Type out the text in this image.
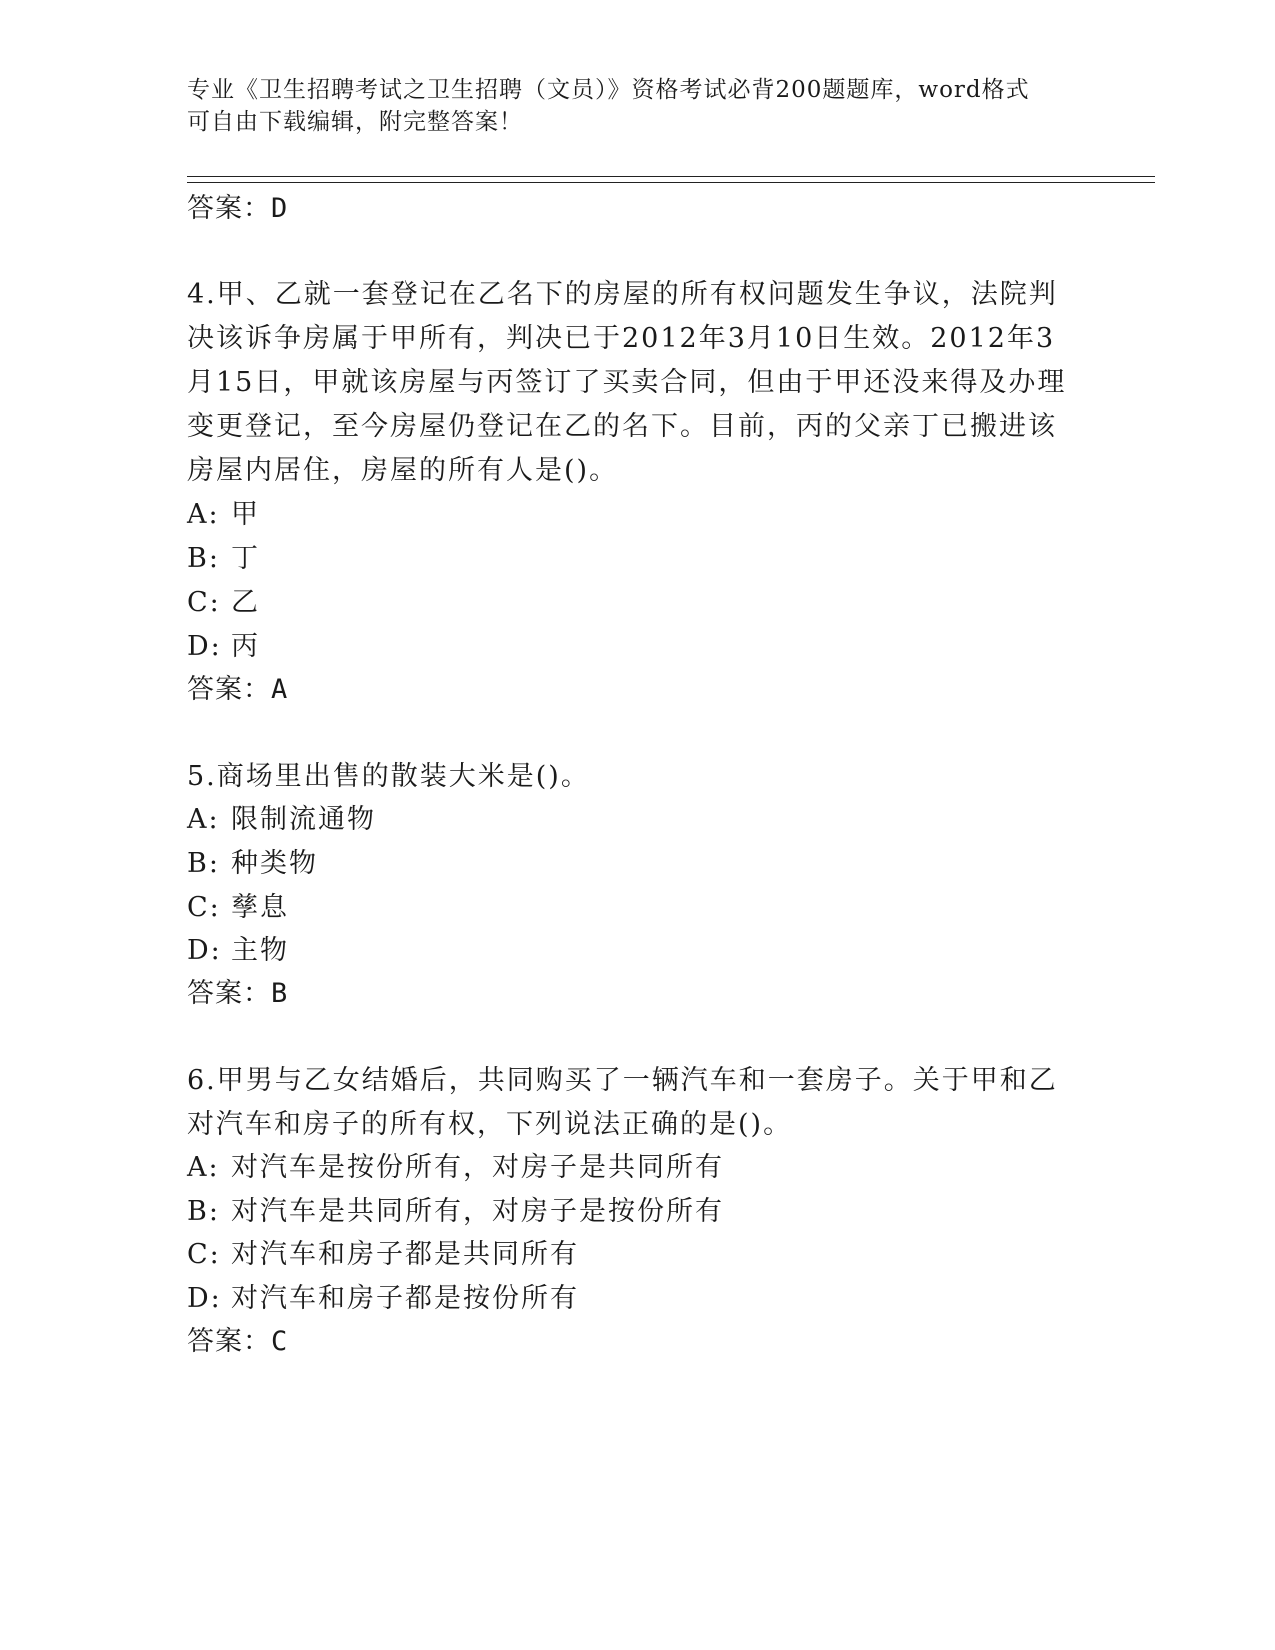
专业《卫生招聘考试之卫生招聘（文员）》资格考试必背200题题库，word格式
可自由下载编辑，附完整答案！
答案：D
4.甲、乙就一套登记在乙名下的房屋的所有权问题发生争议，法院判
决该诉争房属于甲所有，判决已于2012年3月10日生效。2012年3
月15日，甲就该房屋与丙签订了买卖合同，但由于甲还没来得及办理
变更登记，至今房屋仍登记在乙的名下。目前，丙的父亲丁已搬进该
房屋内居住，房屋的所有人是()。
A: 甲
B: 丁
C: 乙
D: 丙
答案：A
5.商场里出售的散装大米是()。
A: 限制流通物
B: 种类物
C: 孳息
D: 主物
答案：B
6.甲男与乙女结婚后，共同购买了一辆汽车和一套房子。关于甲和乙
对汽车和房子的所有权，下列说法正确的是()。
A: 对汽车是按份所有，对房子是共同所有
B: 对汽车是共同所有，对房子是按份所有
C: 对汽车和房子都是共同所有
D: 对汽车和房子都是按份所有
答案：C
